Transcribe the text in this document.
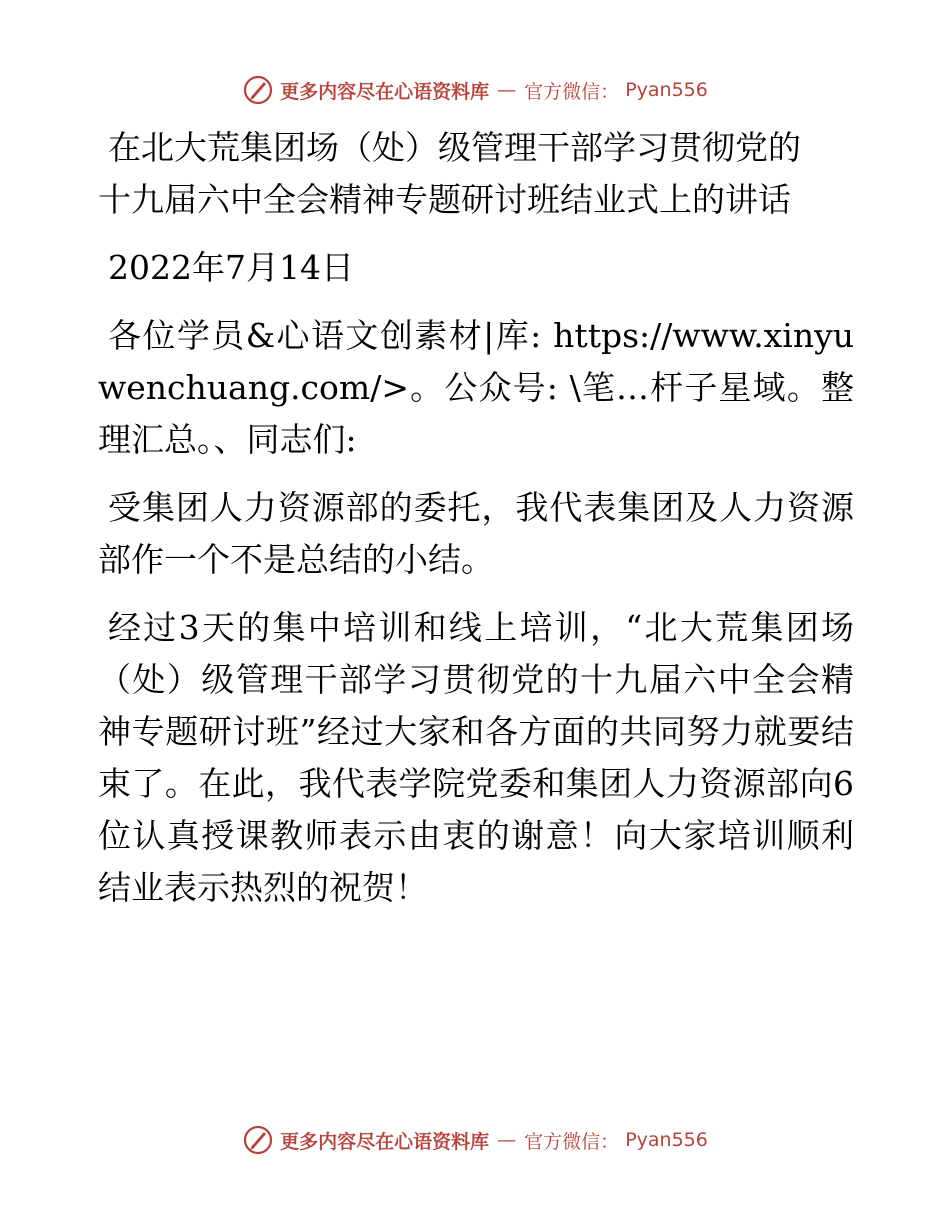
更多内容尽在心语资料库 — 官方微信： Pyan556
在北大荒集团场（处）级管理干部学习贯彻党的
十九届六中全会精神专题研讨班结业式上的讲话

2022年7月14日

各位学员&心语文创素材|库: https://www.xinyuwenchuang.com/>。公众号: \笔…杆子星域。整理汇总。、同志们:

受集团人力资源部的委托，我代表集团及人力资源部作一个不是总结的小结。

经过3天的集中培训和线上培训，“北大荒集团场（处）级管理干部学习贯彻党的十九届六中全会精神专题研讨班”经过大家和各方面的共同努力就要结束了。在此，我代表学院党委和集团人力资源部向6位认真授课教师表示由衷的谢意！向大家培训顺利结业表示热烈的祝贺！

更多内容尽在心语资料库 — 官方微信： Pyan556
